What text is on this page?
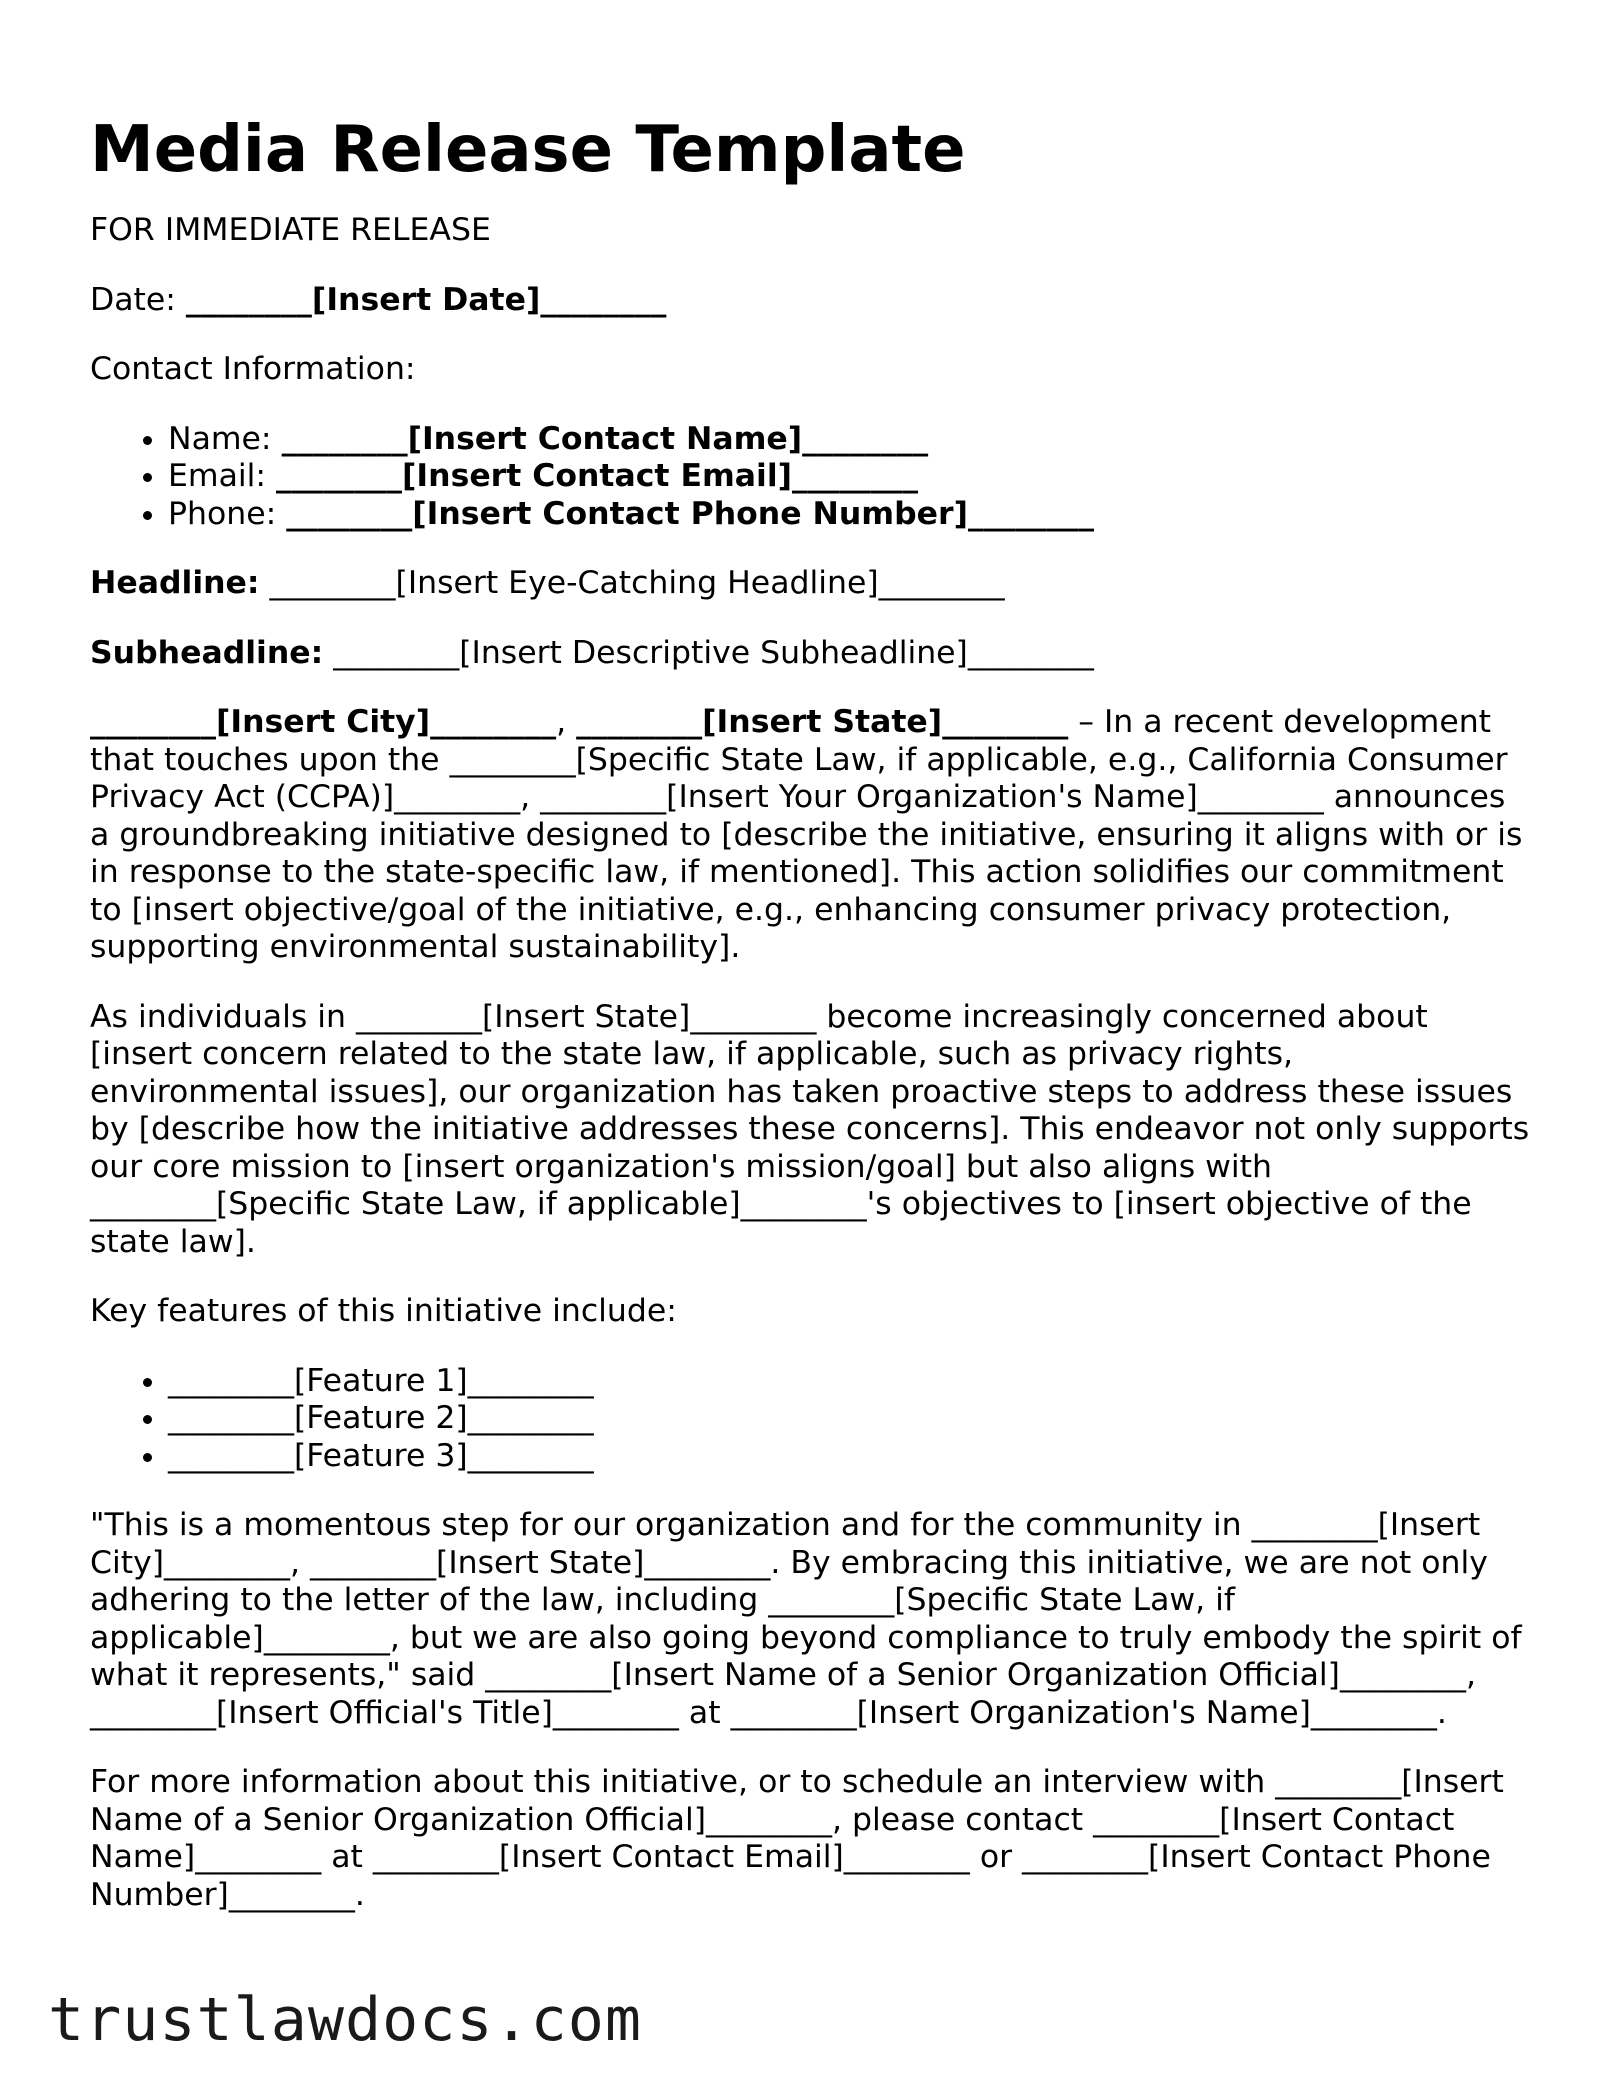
Media Release Template

FOR IMMEDIATE RELEASE

Date: ________[Insert Date]________

Contact Information:

• Name: ________[Insert Contact Name]________
• Email: ________[Insert Contact Email]________
• Phone: ________[Insert Contact Phone Number]________

Headline: ________[Insert Eye-Catching Headline]________

Subheadline: ________[Insert Descriptive Subheadline]________

________[Insert City]________, ________[Insert State]________ – In a recent development that touches upon the ________[Specific State Law, if applicable, e.g., California Consumer Privacy Act (CCPA)]________, ________[Insert Your Organization's Name]________ announces a groundbreaking initiative designed to [describe the initiative, ensuring it aligns with or is in response to the state-specific law, if mentioned]. This action solidifies our commitment to [insert objective/goal of the initiative, e.g., enhancing consumer privacy protection, supporting environmental sustainability].

As individuals in ________[Insert State]________ become increasingly concerned about [insert concern related to the state law, if applicable, such as privacy rights, environmental issues], our organization has taken proactive steps to address these issues by [describe how the initiative addresses these concerns]. This endeavor not only supports our core mission to [insert organization's mission/goal] but also aligns with ________[Specific State Law, if applicable]________'s objectives to [insert objective of the state law].

Key features of this initiative include:

• ________[Feature 1]________
• ________[Feature 2]________
• ________[Feature 3]________

"This is a momentous step for our organization and for the community in ________[Insert City]________, ________[Insert State]________. By embracing this initiative, we are not only adhering to the letter of the law, including ________[Specific State Law, if applicable]________, but we are also going beyond compliance to truly embody the spirit of what it represents," said ________[Insert Name of a Senior Organization Official]________, ________[Insert Official's Title]________ at ________[Insert Organization's Name]________.

For more information about this initiative, or to schedule an interview with ________[Insert Name of a Senior Organization Official]________, please contact ________[Insert Contact Name]________ at ________[Insert Contact Email]________ or ________[Insert Contact Phone Number]________.

trustlawdocs.com
